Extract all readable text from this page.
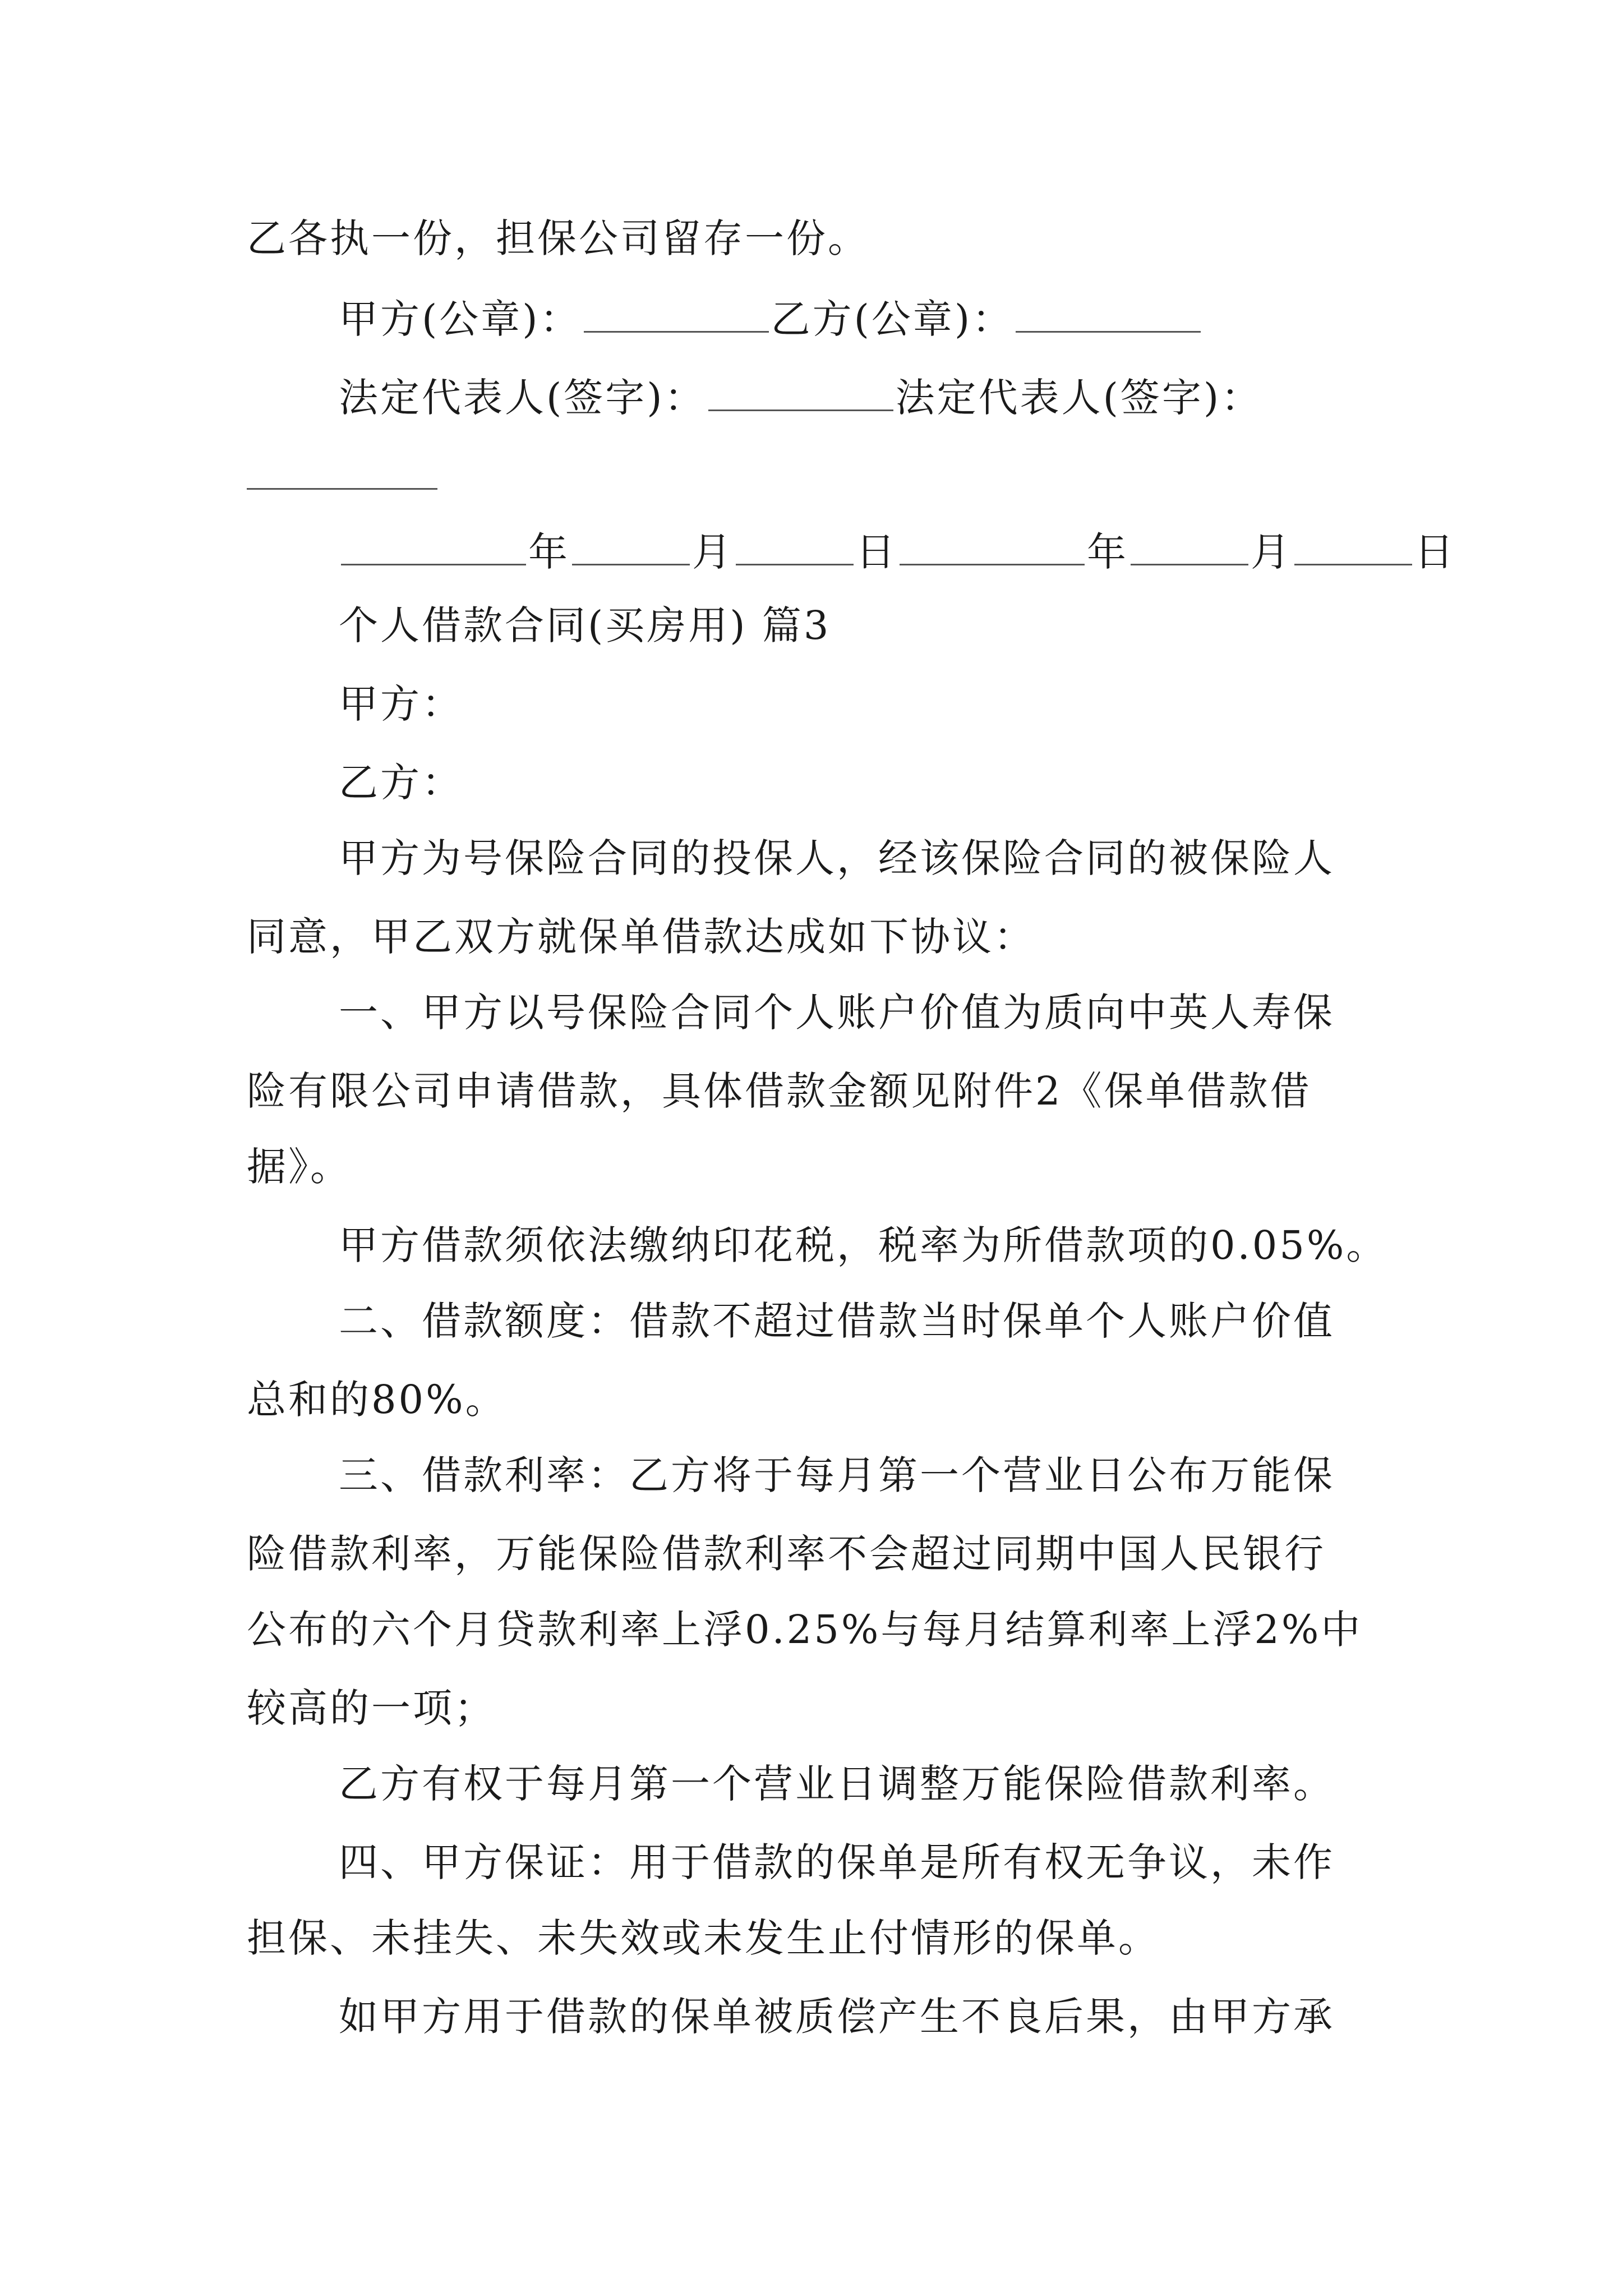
乙各执一份，担保公司留存一份。
甲方(公章)：	乙方(公章)：
法定代表人(签字)：	法定代表人(签字)：
年	月	日	年	月	日
个人借款合同(买房用) 篇3
甲方：
乙方：
甲方为号保险合同的投保人，经该保险合同的被保险人
同意，甲乙双方就保单借款达成如下协议：
一、甲方以号保险合同个人账户价值为质向中英人寿保
险有限公司申请借款，具体借款金额见附件2《保单借款借
据》。
甲方借款须依法缴纳印花税，税率为所借款项的0.05%。
二、借款额度：借款不超过借款当时保单个人账户价值
总和的80%。
三、借款利率：乙方将于每月第一个营业日公布万能保
险借款利率，万能保险借款利率不会超过同期中国人民银行
公布的六个月贷款利率上浮0.25%与每月结算利率上浮2%中
较高的一项；
乙方有权于每月第一个营业日调整万能保险借款利率。
四、甲方保证：用于借款的保单是所有权无争议，未作
担保、未挂失、未失效或未发生止付情形的保单。
如甲方用于借款的保单被质偿产生不良后果，由甲方承
